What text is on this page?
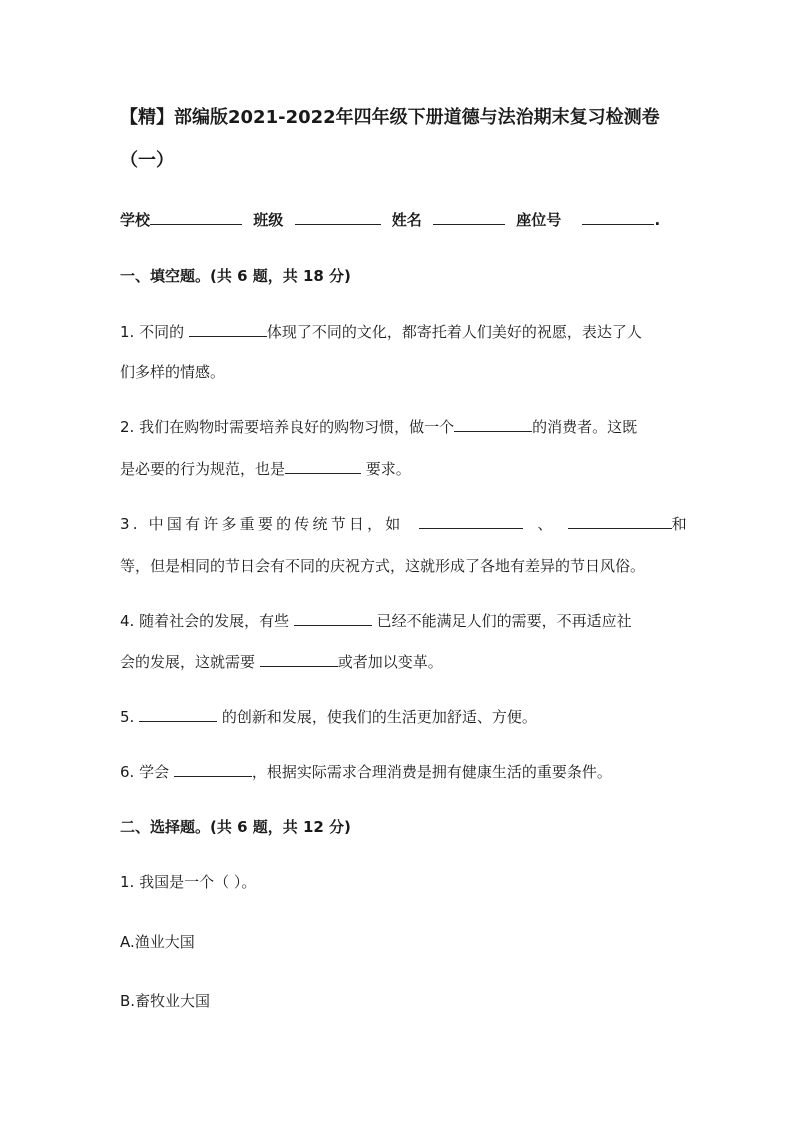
【精】部编版2021-2022年四年级下册道德与法治期末复习检测卷
（一）
学校	班级	姓名	座位号	.
一、填空题。(共 6 题，共 18 分)
1. 不同的	体现了不同的文化，都寄托着人们美好的祝愿，表达了人
们多样的情感。
2. 我们在购物时需要培养良好的购物习惯，做一个	的消费者。这既
是必要的行为规范，也是	要求。
3. 中国有许多重要的传统节日，如	、	和
等，但是相同的节日会有不同的庆祝方式，这就形成了各地有差异的节日风俗。
4. 随着社会的发展，有些	已经不能满足人们的需要，不再适应社
会的发展，这就需要	或者加以变革。
5.	的创新和发展，使我们的生活更加舒适、方便。
6. 学会	，根据实际需求合理消费是拥有健康生活的重要条件。
二、选择题。(共 6 题，共 12 分)
1. 我国是一个（ ）。
A.渔业大国
B.畜牧业大国
